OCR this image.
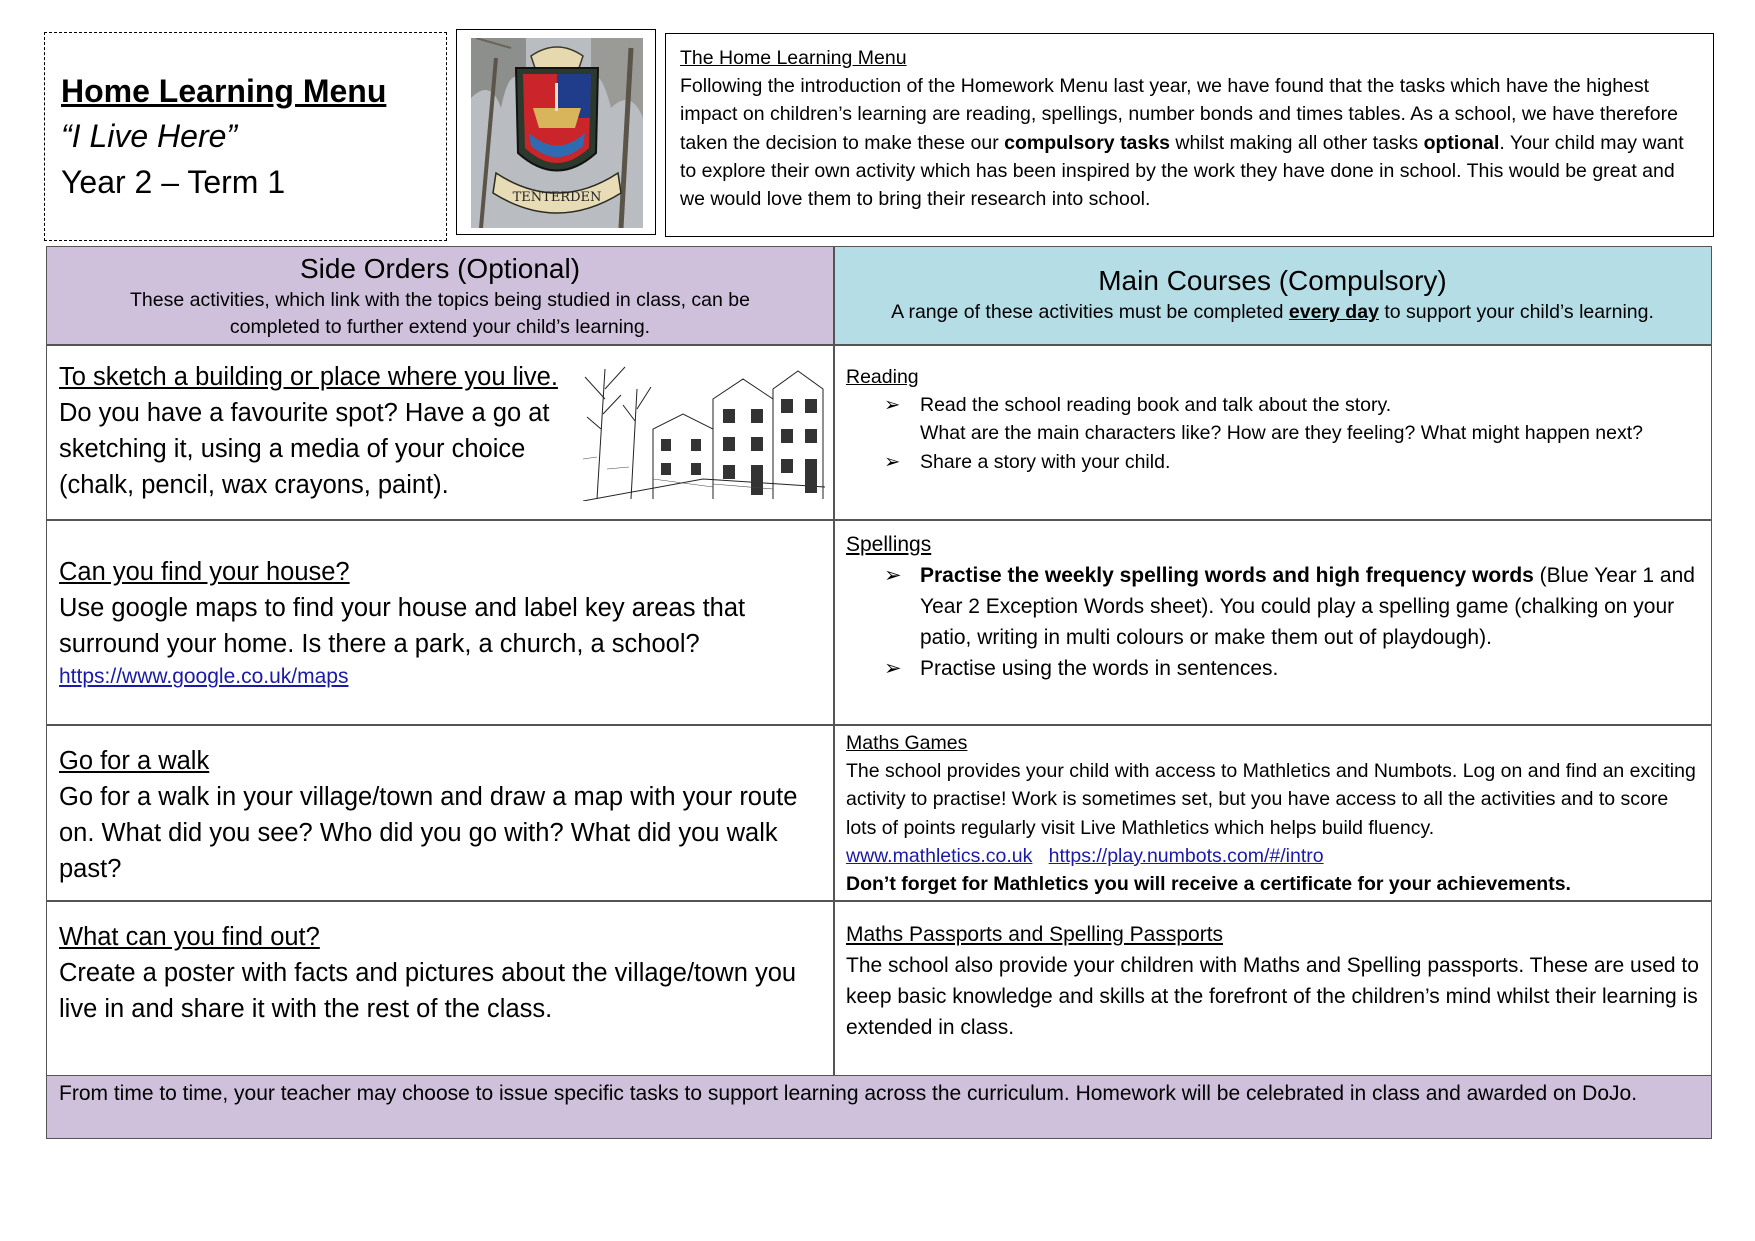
Home Learning Menu
“I Live Here”
Year 2 – Term 1	TENTERDEN
The Home Learning Menu
Following the introduction of the Homework Menu last year, we have found that the tasks which have the highest impact on children’s learning are reading, spellings, number bonds and times tables. As a school, we have therefore taken the decision to make these our compulsory tasks whilst making all other tasks optional. Your child may want to explore their own activity which has been inspired by the work they have done in school. This would be great and we would love them to bring their research into school.
Side Orders (Optional)
These activities, which link with the topics being studied in class, can be completed to further extend your child’s learning.
Main Courses (Compulsory)
A range of these activities must be completed every day to support your child’s learning.
To sketch a building or place where you live. Do you have a favourite spot? Have a go at sketching it, using a media of your choice (chalk, pencil, wax crayons, paint).
Reading
➢ Read the school reading book and talk about the story.
What are the main characters like? How are they feeling? What might happen next?
➢ Share a story with your child.
Can you find your house?
Use google maps to find your house and label key areas that surround your home. Is there a park, a church, a school?
https://www.google.co.uk/maps
Spellings
➢ Practise the weekly spelling words and high frequency words (Blue Year 1 and Year 2 Exception Words sheet). You could play a spelling game (chalking on your patio, writing in multi colours or make them out of playdough).
➢ Practise using the words in sentences.
Go for a walk
Go for a walk in your village/town and draw a map with your route on. What did you see? Who did you go with? What did you walk past?
Maths Games
The school provides your child with access to Mathletics and Numbots. Log on and find an exciting activity to practise! Work is sometimes set, but you have access to all the activities and to score lots of points regularly visit Live Mathletics which helps build fluency.
www.mathletics.co.uk https://play.numbots.com/#/intro
Don’t forget for Mathletics you will receive a certificate for your achievements.
What can you find out?
Create a poster with facts and pictures about the village/town you live in and share it with the rest of the class.
Maths Passports and Spelling Passports
The school also provide your children with Maths and Spelling passports. These are used to keep basic knowledge and skills at the forefront of the children’s mind whilst their learning is extended in class.
From time to time, your teacher may choose to issue specific tasks to support learning across the curriculum. Homework will be celebrated in class and awarded on DoJo.
